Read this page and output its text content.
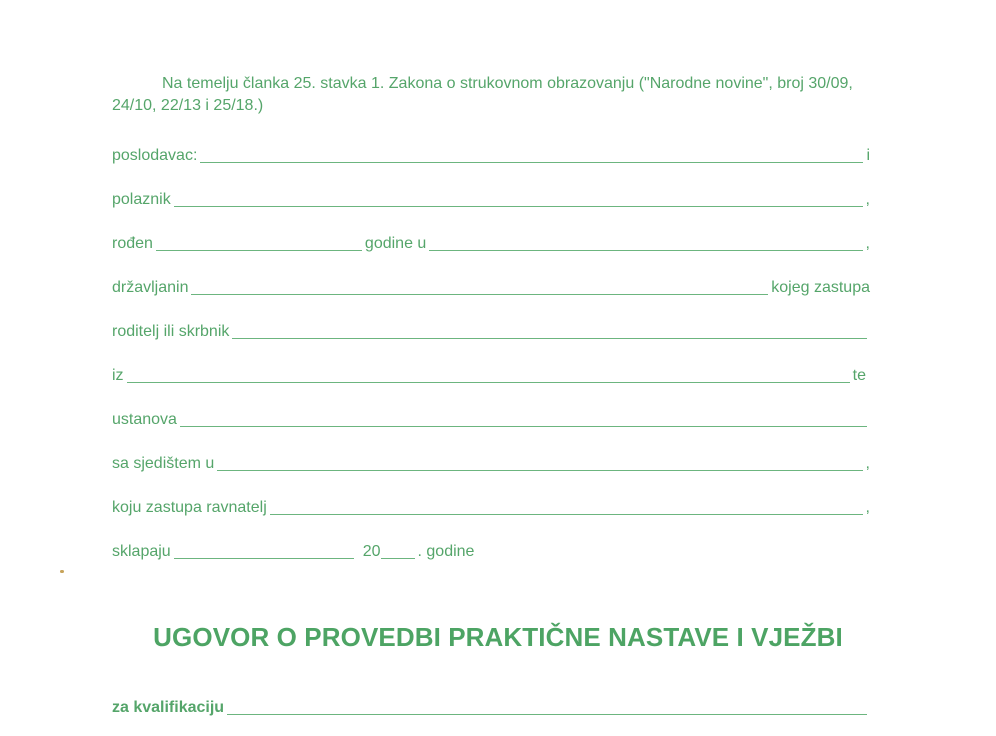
Na temelju članka 25. stavka 1. Zakona o strukovnom obrazovanju ("Narodne novine", broj 30/09, 24/10, 22/13 i 25/18.)
poslodavac:	i
polaznik	,
rođen	godine u	,
državljanin	kojeg zastupa
roditelj ili skrbnik
iz	te
ustanova
sa sjedištem u	,
koju zastupa ravnatelj	,
sklapaju	20 . godine
UGOVOR O PROVEDBI PRAKTIČNE NASTAVE I VJEŽBI
za kvalifikaciju
